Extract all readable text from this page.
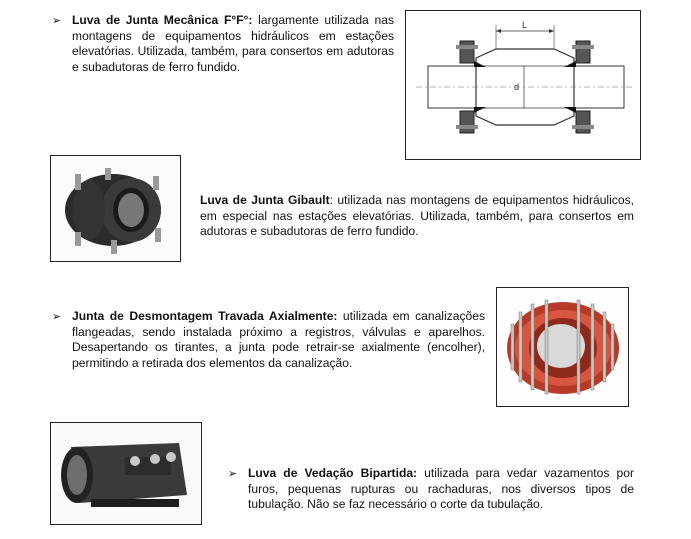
➢ Luva de Junta Mecânica F°F°: largamente utilizada nas montagens de equipamentos hidráulicos em estações elevatórias. Utilizada, também, para consertos em adutoras e subadutoras de ferro fundido.
L
d
Luva de Junta Gibault: utilizada nas montagens de equipamentos hidráulicos, em especial nas estações elevatórias. Utilizada, também, para consertos em adutoras e subadutoras de ferro fundido.
➢ Junta de Desmontagem Travada Axialmente: utilizada em canalizações flangeadas, sendo instalada próximo a registros, válvulas e aparelhos. Desapertando os tirantes, a junta pode retrair-se axialmente (encolher), permitindo a retirada dos elementos da canalização.
➢ Luva de Vedação Bipartida: utilizada para vedar vazamentos por furos, pequenas rupturas ou rachaduras, nos diversos tipos de tubulação. Não se faz necessário o corte da tubulação.
